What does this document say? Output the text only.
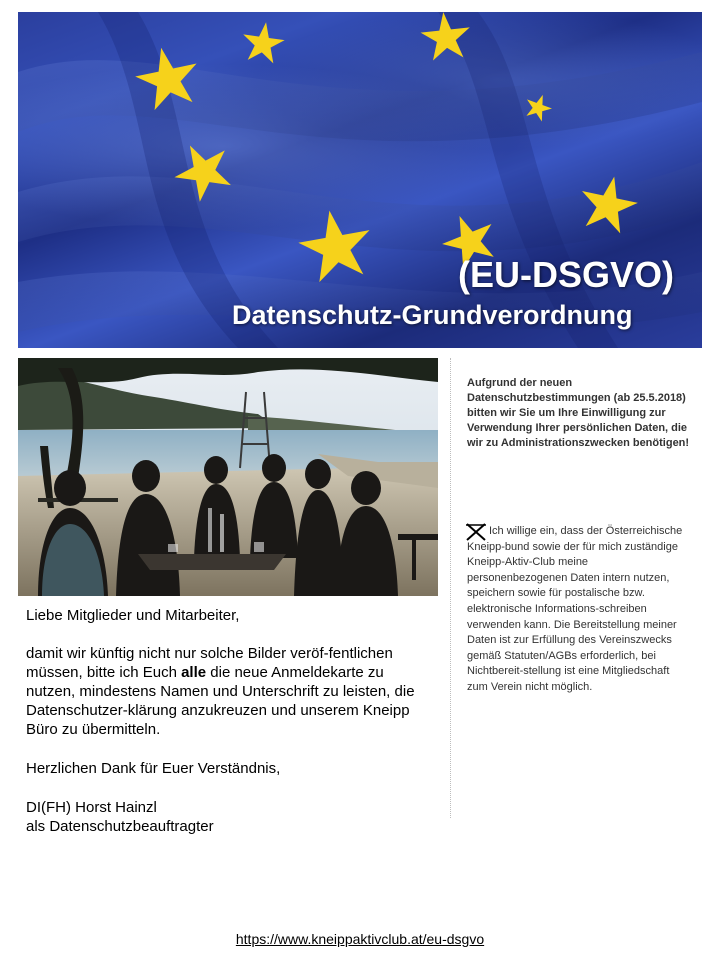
(EU-DSGVO)
Datenschutz-Grundverordnung
Aufgrund der neuen Datenschutzbestimmungen (ab 25.5.2018) bitten wir Sie um Ihre Einwilligung zur Verwendung Ihrer persönlichen Daten, die wir zu Administrationszwecken benötigen!
Ich willige ein, dass der Österreichische Kneipp-bund sowie der für mich zuständige Kneipp-Aktiv-Club meine personenbezogenen Daten intern nutzen, speichern sowie für postalische bzw. elektronische Informations-schreiben verwenden kann. Die Bereitstellung meiner Daten ist zur Erfüllung des Vereinszwecks gemäß Statuten/AGBs erforderlich, bei Nichtbereit-stellung ist eine Mitgliedschaft zum Verein nicht möglich.

Liebe Mitglieder und Mitarbeiter,

damit wir künftig nicht nur solche Bilder veröf-fentlichen müssen, bitte ich Euch alle die neue Anmeldekarte zu nutzen, mindestens Namen und Unterschrift zu leisten, die Datenschutzer-klärung anzukreuzen und unserem Kneipp Büro zu übermitteln.

Herzlichen Dank für Euer Verständnis,

DI(FH) Horst Hainzl

als Datenschutzbeauftragter

https://www.kneippaktivclub.at/eu-dsgvo
